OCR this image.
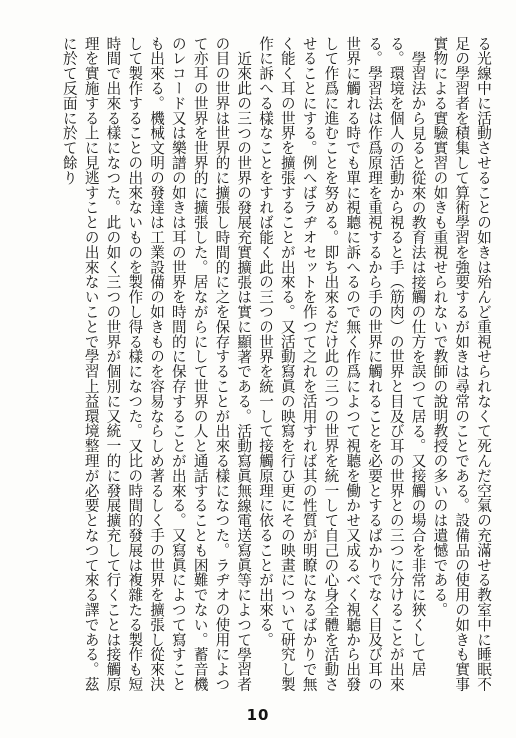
る光線中に活動させることの如きは殆んど重視せられなくて死んだ空氣の充滿せる教室中に睡眠不足の學習者を積集して算術學習を強要するが如きは尋常のことである。設備品の使用の如きも實事實物による實驗實習の如きも重視せられないで教師の說明教授の多いのは遺憾である。

學習法から見ると從來の教育法は接觸の仕方を誤つて居る。又接觸の場合を非常に狹くして居る。環境を個人の活動から視ると手（筋肉）の世界と目及び耳の世界との三つに分けることが出來る。學習法は作爲原理を重視するから手の世界に觸れることを必要とするばかりでなく目及び耳の世界に觸れる時でも單に視聽に訴へるので無く作爲によつて視聽を働かせ又成るべく視聽から出發して作爲に進むことを努める。即ち出來るだけ此の三つの世界を統一して自己の心身全體を活動させることにする。例へばラヂオセットを作つて之れを活用すれば其の性質が明瞭になるばかりで無く能く耳の世界を擴張することが出來る。又活動寫眞の映寫を行ひ更にその映畫について研究し製作に訴へる樣なことをすれば能く此の三つの世界を統一して接觸原理に依ることが出來る。

近來此の三つの世界の發展充實擴張は實に顯著である。活動寫眞無線電送寫眞等によつて學習者の目の世界は世界的に擴張し時間的に之を保存することが出來る樣になつた。ラヂオの使用によつて亦耳の世界を世界的に擴張した。居ながらにして世界の人と通話することも困難でない。蓄音機のレコード又は樂譜の如きは耳の世界を時間的に保存することが出來る。又寫眞によつて寫すことも出來る。機械文明の發達は工業設備の如きものを容易ならしめ著るしく手の世界を擴張し從來決して製作することの出來ないものを製作し得る樣になつた。又比の時間的發展は複雜たる製作も短時間で出來る樣になつた。此の如く三つの世界が個別に又統一的に發展擴充して行くことは接觸原理を實施する上に見逃すことの出來ないことで學習上益環境整理が必要となつて來る譯である。茲に於て反面に於て餘り

10
